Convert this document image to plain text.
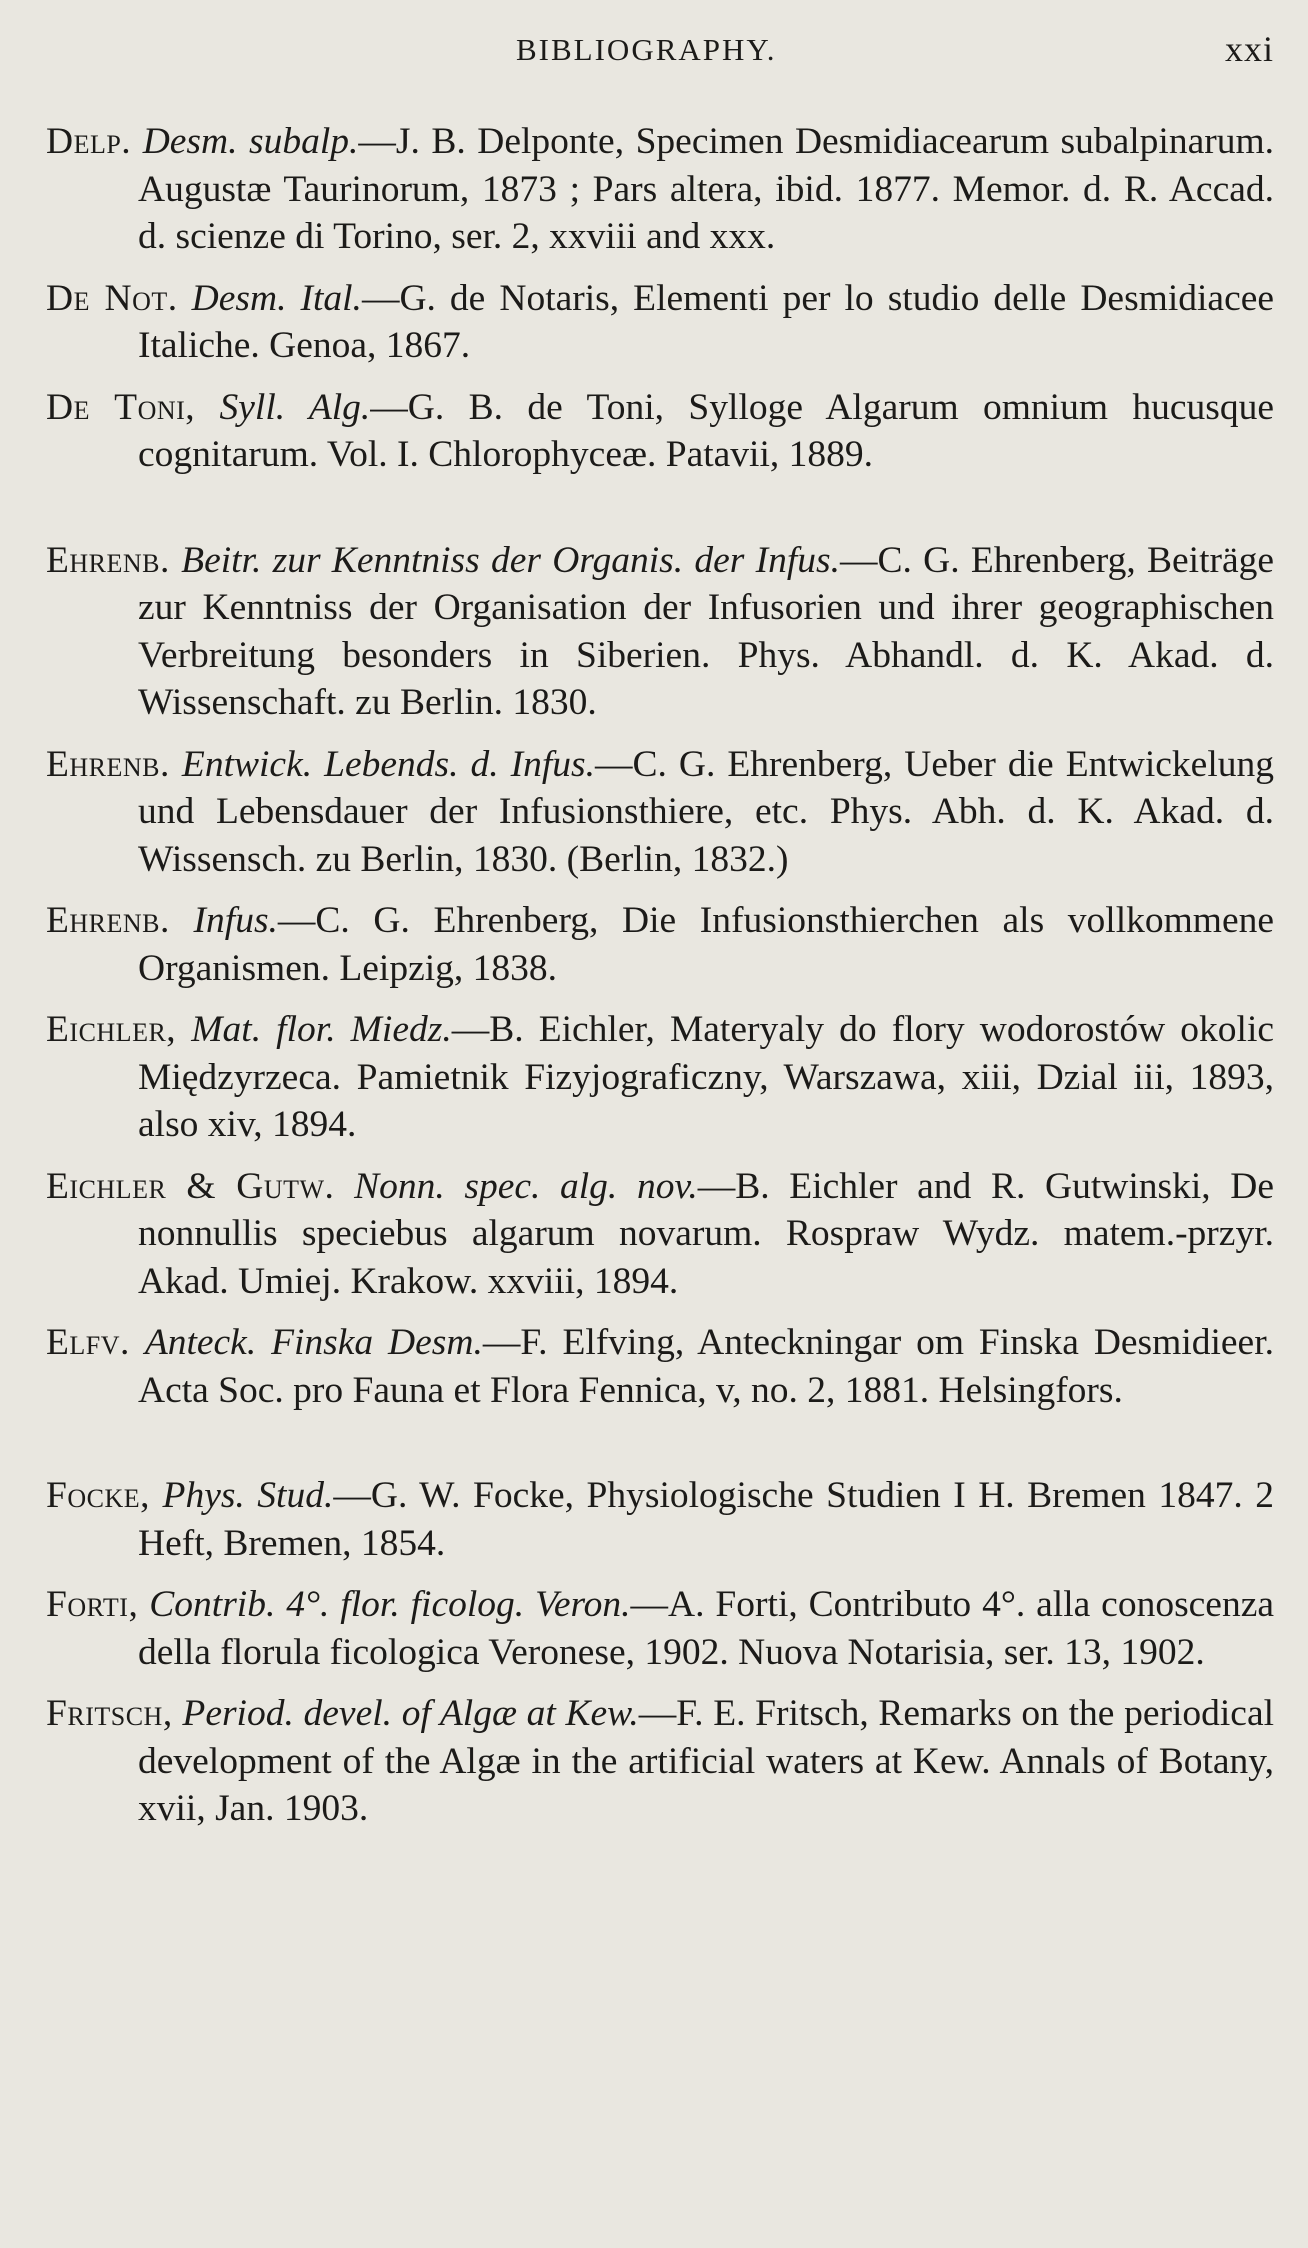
BIBLIOGRAPHY.	xxi

Delp. Desm. subalp.—J. B. Delponte, Specimen Desmidiacearum subalpinarum. Augustæ Taurinorum, 1873 ; Pars altera, ibid. 1877. Memor. d. R. Accad. d. scienze di Torino, ser. 2, xxviii and xxx.

De Not. Desm. Ital.—G. de Notaris, Elementi per lo studio delle Desmidiacee Italiche. Genoa, 1867.

De Toni, Syll. Alg.—G. B. de Toni, Sylloge Algarum omnium hucusque cognitarum. Vol. I. Chlorophyceæ. Patavii, 1889.

Ehrenb. Beitr. zur Kenntniss der Organis. der Infus.—C. G. Ehrenberg, Beiträge zur Kenntniss der Organisation der Infusorien und ihrer geographischen Verbreitung besonders in Siberien. Phys. Abhandl. d. K. Akad. d. Wissenschaft. zu Berlin. 1830.

Ehrenb. Entwick. Lebends. d. Infus.—C. G. Ehrenberg, Ueber die Entwickelung und Lebensdauer der Infusionsthiere, etc. Phys. Abh. d. K. Akad. d. Wissensch. zu Berlin, 1830. (Berlin, 1832.)

Ehrenb. Infus.—C. G. Ehrenberg, Die Infusionsthierchen als vollkommene Organismen. Leipzig, 1838.

Eichler, Mat. flor. Miedz.—B. Eichler, Materyaly do flory wodorostów okolic Międzyrzeca. Pamietnik Fizyjograficzny, Warszawa, xiii, Dzial iii, 1893, also xiv, 1894.

Eichler & Gutw. Nonn. spec. alg. nov.—B. Eichler and R. Gutwinski, De nonnullis speciebus algarum novarum. Rospraw Wydz. matem.-przyr. Akad. Umiej. Krakow. xxviii, 1894.

Elfv. Anteck. Finska Desm.—F. Elfving, Anteckningar om Finska Desmidieer. Acta Soc. pro Fauna et Flora Fennica, v, no. 2, 1881. Helsingfors.

Focke, Phys. Stud.—G. W. Focke, Physiologische Studien I H. Bremen 1847. 2 Heft, Bremen, 1854.

Forti, Contrib. 4°. flor. ficolog. Veron.—A. Forti, Contributo 4°. alla conoscenza della florula ficologica Veronese, 1902. Nuova Notarisia, ser. 13, 1902.

Fritsch, Period. devel. of Algæ at Kew.—F. E. Fritsch, Remarks on the periodical development of the Algæ in the artificial waters at Kew. Annals of Botany, xvii, Jan. 1903.
